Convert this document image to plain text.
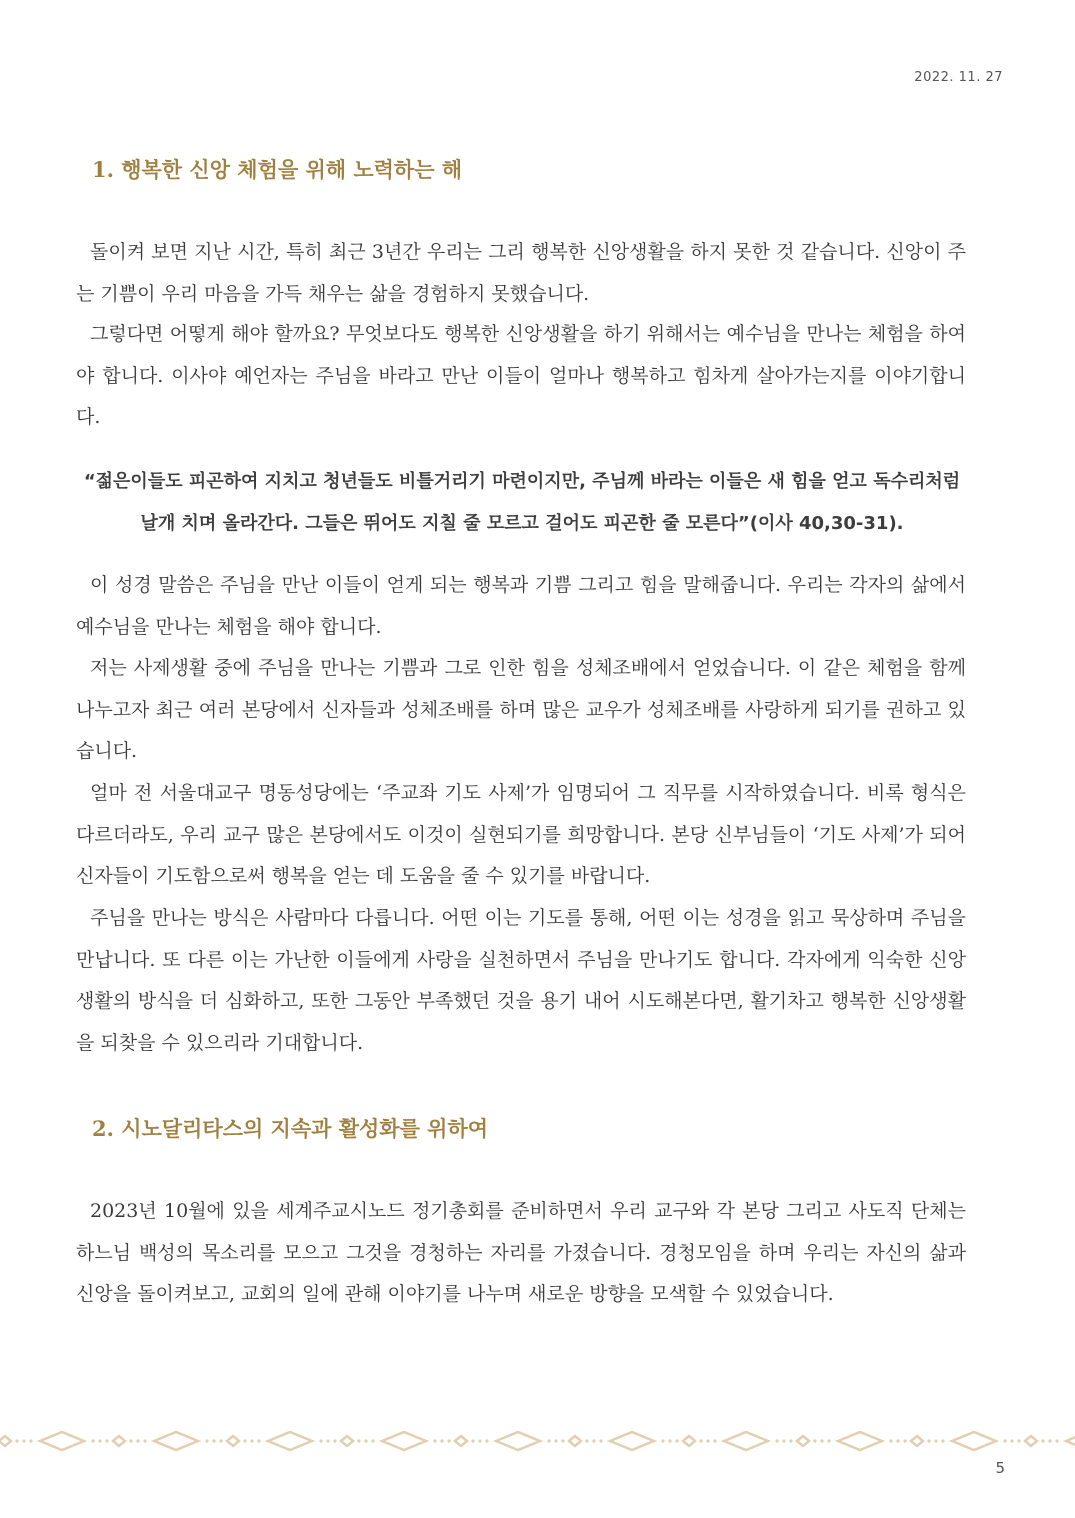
2022. 11. 27
1. 행복한 신앙 체험을 위해 노력하는 해

돌이켜 보면 지난 시간, 특히 최근 3년간 우리는 그리 행복한 신앙생활을 하지 못한 것 같습니다. 신앙이 주는 기쁨이 우리 마음을 가득 채우는 삶을 경험하지 못했습니다.

그렇다면 어떻게 해야 할까요? 무엇보다도 행복한 신앙생활을 하기 위해서는 예수님을 만나는 체험을 하여야 합니다. 이사야 예언자는 주님을 바라고 만난 이들이 얼마나 행복하고 힘차게 살아가는지를 이야기합니다.

“젊은이들도 피곤하여 지치고 청년들도 비틀거리기 마련이지만, 주님께 바라는 이들은 새 힘을 얻고 독수리처럼 날개 치며 올라간다. 그들은 뛰어도 지칠 줄 모르고 걸어도 피곤한 줄 모른다”(이사 40,30-31).

이 성경 말씀은 주님을 만난 이들이 얻게 되는 행복과 기쁨 그리고 힘을 말해줍니다. 우리는 각자의 삶에서 예수님을 만나는 체험을 해야 합니다.

저는 사제생활 중에 주님을 만나는 기쁨과 그로 인한 힘을 성체조배에서 얻었습니다. 이 같은 체험을 함께 나누고자 최근 여러 본당에서 신자들과 성체조배를 하며 많은 교우가 성체조배를 사랑하게 되기를 권하고 있습니다.

얼마 전 서울대교구 명동성당에는 ‘주교좌 기도 사제’가 임명되어 그 직무를 시작하였습니다. 비록 형식은 다르더라도, 우리 교구 많은 본당에서도 이것이 실현되기를 희망합니다. 본당 신부님들이 ‘기도 사제’가 되어 신자들이 기도함으로써 행복을 얻는 데 도움을 줄 수 있기를 바랍니다.

주님을 만나는 방식은 사람마다 다릅니다. 어떤 이는 기도를 통해, 어떤 이는 성경을 읽고 묵상하며 주님을 만납니다. 또 다른 이는 가난한 이들에게 사랑을 실천하면서 주님을 만나기도 합니다. 각자에게 익숙한 신앙생활의 방식을 더 심화하고, 또한 그동안 부족했던 것을 용기 내어 시도해본다면, 활기차고 행복한 신앙생활을 되찾을 수 있으리라 기대합니다.

2. 시노달리타스의 지속과 활성화를 위하여

2023년 10월에 있을 세계주교시노드 정기총회를 준비하면서 우리 교구와 각 본당 그리고 사도직 단체는 하느님 백성의 목소리를 모으고 그것을 경청하는 자리를 가졌습니다. 경청모임을 하며 우리는 자신의 삶과 신앙을 돌이켜보고, 교회의 일에 관해 이야기를 나누며 새로운 방향을 모색할 수 있었습니다.

5
